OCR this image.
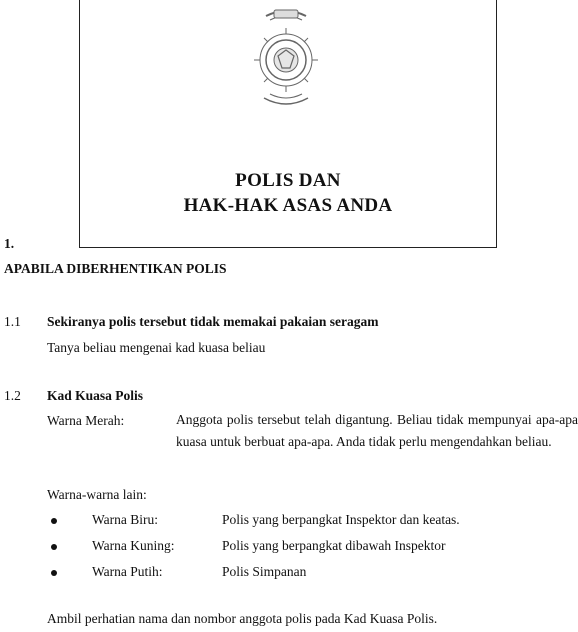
POLIS DAN
HAK-HAK ASAS ANDA
1.
APABILA DIBERHENTIKAN POLIS
1.1 Sekiranya polis tersebut tidak memakai pakaian seragam
Tanya beliau mengenai kad kuasa beliau
1.2 Kad Kuasa Polis
Warna Merah:	Anggota polis tersebut telah digantung. Beliau tidak mempunyai apa-apa kuasa untuk berbuat apa-apa. Anda tidak perlu mengendahkan beliau.
Warna-warna lain:
Warna Biru:	Polis yang berpangkat Inspektor dan keatas.
Warna Kuning:	Polis yang berpangkat dibawah Inspektor
Warna Putih:	Polis Simpanan
Ambil perhatian nama dan nombor anggota polis pada Kad Kuasa Polis.
